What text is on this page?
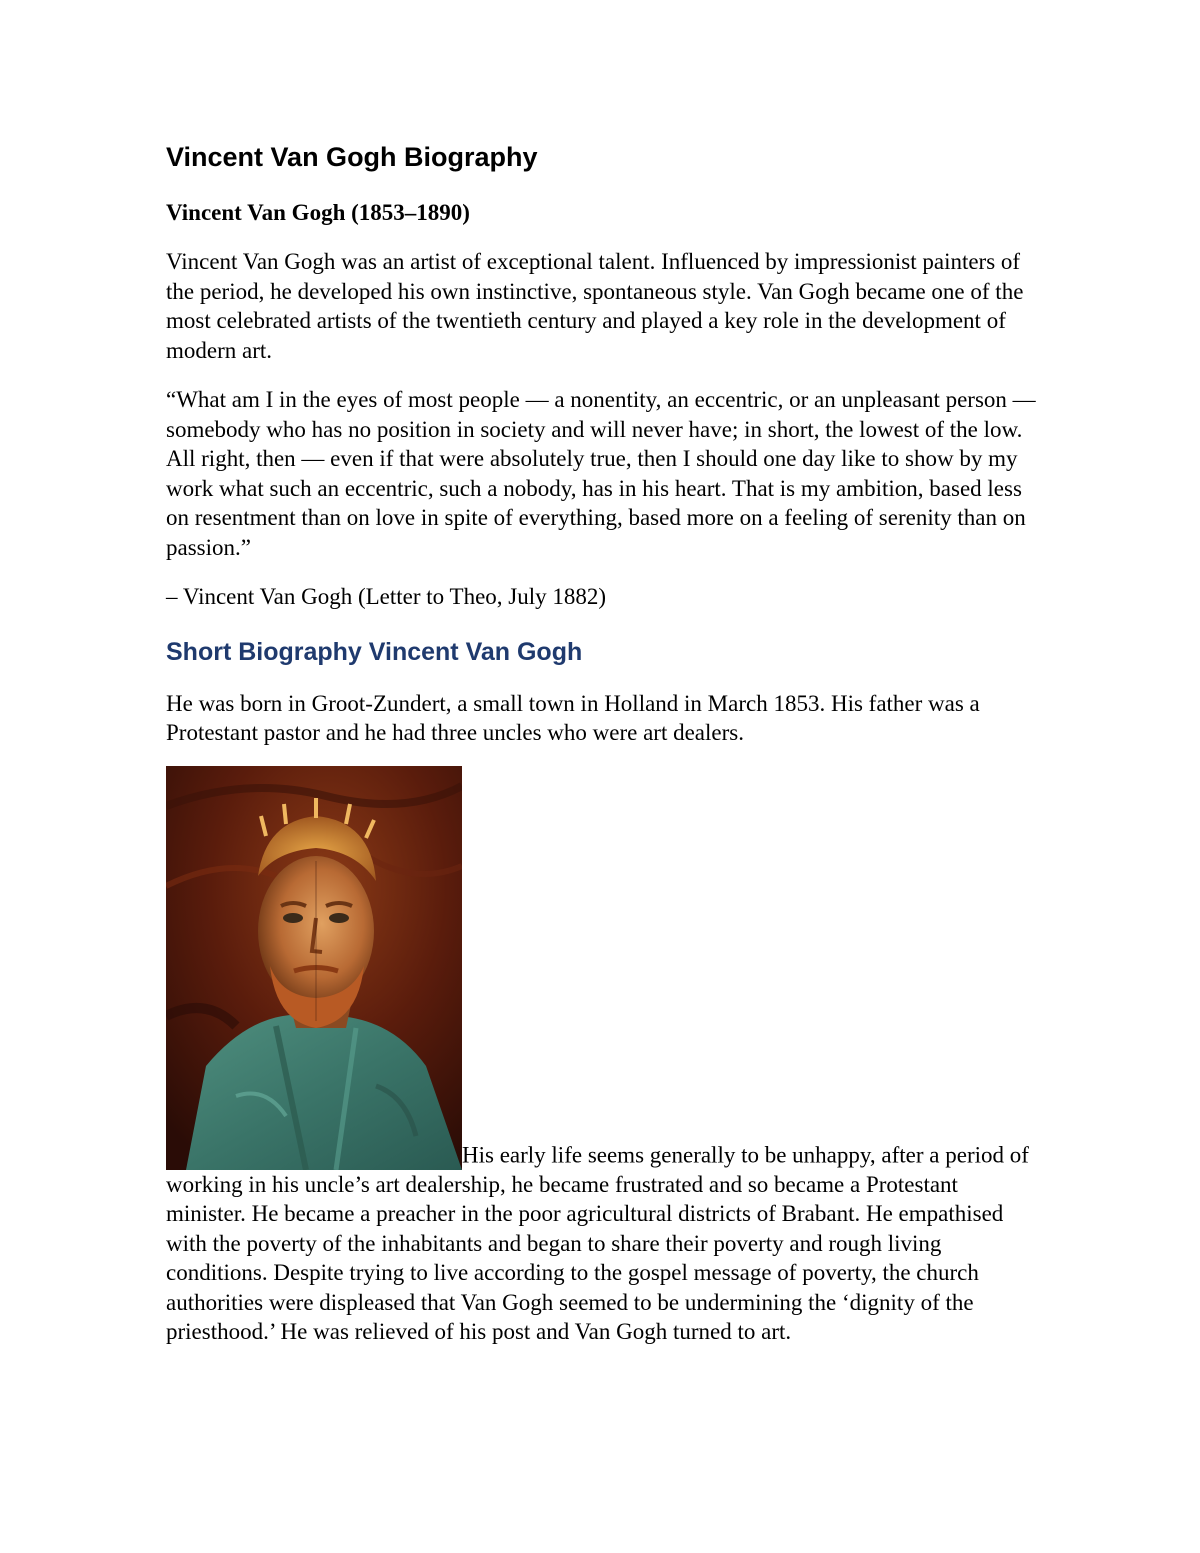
Vincent Van Gogh Biography

Vincent Van Gogh (1853–1890)

Vincent Van Gogh was an artist of exceptional talent. Influenced by impressionist painters of the period, he developed his own instinctive, spontaneous style. Van Gogh became one of the most celebrated artists of the twentieth century and played a key role in the development of modern art.

“What am I in the eyes of most people — a nonentity, an eccentric, or an unpleasant person — somebody who has no position in society and will never have; in short, the lowest of the low. All right, then — even if that were absolutely true, then I should one day like to show by my work what such an eccentric, such a nobody, has in his heart. That is my ambition, based less on resentment than on love in spite of everything, based more on a feeling of serenity than on passion.”

– Vincent Van Gogh (Letter to Theo, July 1882)

Short Biography Vincent Van Gogh

He was born in Groot-Zundert, a small town in Holland in March 1853. His father was a Protestant pastor and he had three uncles who were art dealers.

His early life seems generally to be unhappy, after a period of working in his uncle’s art dealership, he became frustrated and so became a Protestant minister. He became a preacher in the poor agricultural districts of Brabant. He empathised with the poverty of the inhabitants and began to share their poverty and rough living conditions. Despite trying to live according to the gospel message of poverty, the church authorities were displeased that Van Gogh seemed to be undermining the ‘dignity of the priesthood.’ He was relieved of his post and Van Gogh turned to art.
